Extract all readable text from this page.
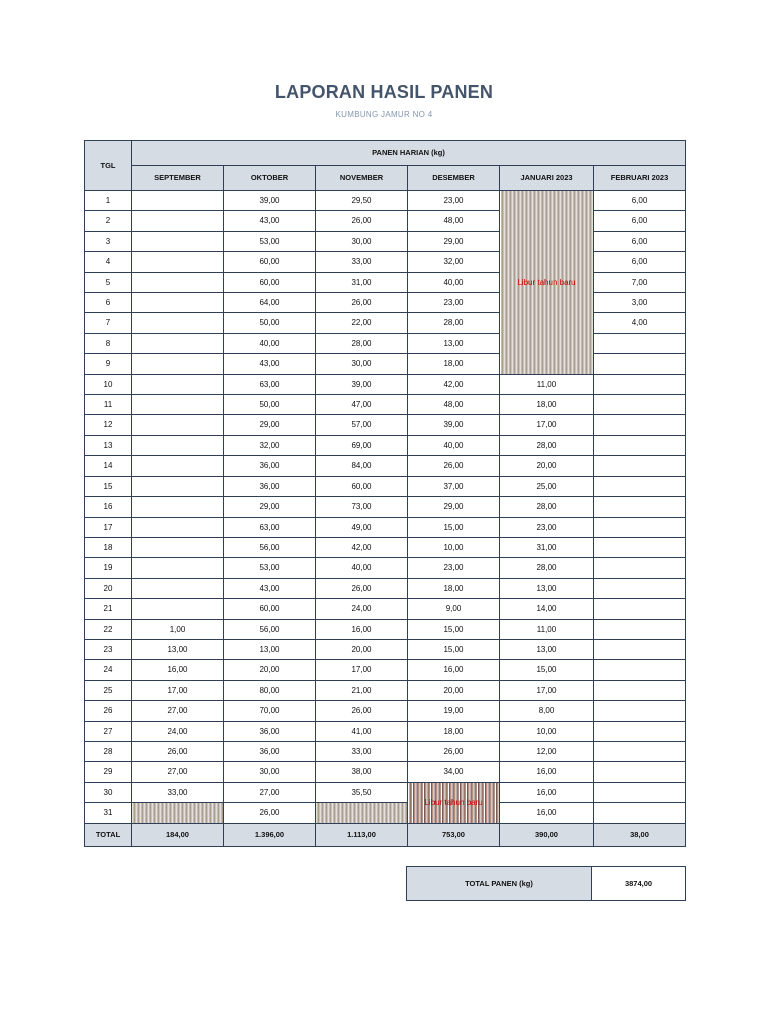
LAPORAN HASIL PANEN
KUMBUNG JAMUR NO 4
TGL	PANEN HARIAN (kg)					
	SEPTEMBER	OKTOBER	NOVEMBER	DESEMBER	JANUARI 2023	FEBRUARI 2023
1		39,00	29,50	23,00	Libur tahun baru	6,00
2		43,00	26,00	48,00		6,00
3		53,00	30,00	29,00		6,00
4		60,00	33,00	32,00		6,00
5		60,00	31,00	40,00		7,00
6		64,00	26,00	23,00		3,00
7		50,00	22,00	28,00		4,00
8		40,00	28,00	13,00		
9		43,00	30,00	18,00		
10		63,00	39,00	42,00	11,00	
11		50,00	47,00	48,00	18,00	
12		29,00	57,00	39,00	17,00	
13		32,00	69,00	40,00	28,00	
14		36,00	84,00	26,00	20,00	
15		36,00	60,00	37,00	25,00	
16		29,00	73,00	29,00	28,00	
17		63,00	49,00	15,00	23,00	
18		56,00	42,00	10,00	31,00	
19		53,00	40,00	23,00	28,00	
20		43,00	26,00	18,00	13,00	
21		60,00	24,00	9,00	14,00	
22	1,00	56,00	16,00	15,00	11,00	
23	13,00	13,00	20,00	15,00	13,00	
24	16,00	20,00	17,00	16,00	15,00	
25	17,00	80,00	21,00	20,00	17,00	
26	27,00	70,00	26,00	19,00	8,00	
27	24,00	36,00	41,00	18,00	10,00	
28	26,00	36,00	33,00	26,00	12,00	
29	27,00	30,00	38,00	34,00	16,00	
30	33,00	27,00	35,50	Libur tahun baru	16,00	
31		26,00			16,00	
TOTAL	184,00	1.396,00	1.113,00	753,00	390,00	38,00
TOTAL PANEN (kg)	3874,00
